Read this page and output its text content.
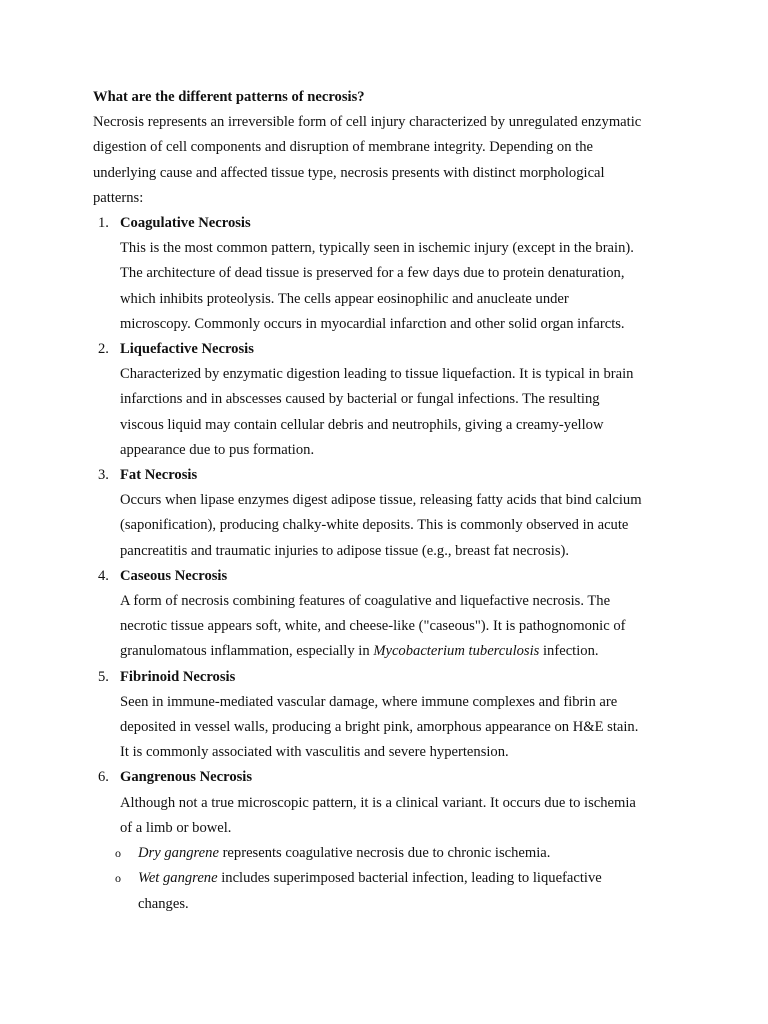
What are the different patterns of necrosis?

Necrosis represents an irreversible form of cell injury characterized by unregulated enzymatic

digestion of cell components and disruption of membrane integrity. Depending on the

underlying cause and affected tissue type, necrosis presents with distinct morphological

patterns:

1. Coagulative Necrosis

This is the most common pattern, typically seen in ischemic injury (except in the brain).

The architecture of dead tissue is preserved for a few days due to protein denaturation,

which inhibits proteolysis. The cells appear eosinophilic and anucleate under

microscopy. Commonly occurs in myocardial infarction and other solid organ infarcts.

2. Liquefactive Necrosis

Characterized by enzymatic digestion leading to tissue liquefaction. It is typical in brain

infarctions and in abscesses caused by bacterial or fungal infections. The resulting

viscous liquid may contain cellular debris and neutrophils, giving a creamy-yellow

appearance due to pus formation.

3. Fat Necrosis

Occurs when lipase enzymes digest adipose tissue, releasing fatty acids that bind calcium

(saponification), producing chalky-white deposits. This is commonly observed in acute

pancreatitis and traumatic injuries to adipose tissue (e.g., breast fat necrosis).

4. Caseous Necrosis

A form of necrosis combining features of coagulative and liquefactive necrosis. The

necrotic tissue appears soft, white, and cheese-like ("caseous"). It is pathognomonic of

granulomatous inflammation, especially in Mycobacterium tuberculosis infection.

5. Fibrinoid Necrosis

Seen in immune-mediated vascular damage, where immune complexes and fibrin are

deposited in vessel walls, producing a bright pink, amorphous appearance on H&E stain.

It is commonly associated with vasculitis and severe hypertension.

6. Gangrenous Necrosis

Although not a true microscopic pattern, it is a clinical variant. It occurs due to ischemia

of a limb or bowel.

o Dry gangrene represents coagulative necrosis due to chronic ischemia.

o Wet gangrene includes superimposed bacterial infection, leading to liquefactive

changes.
